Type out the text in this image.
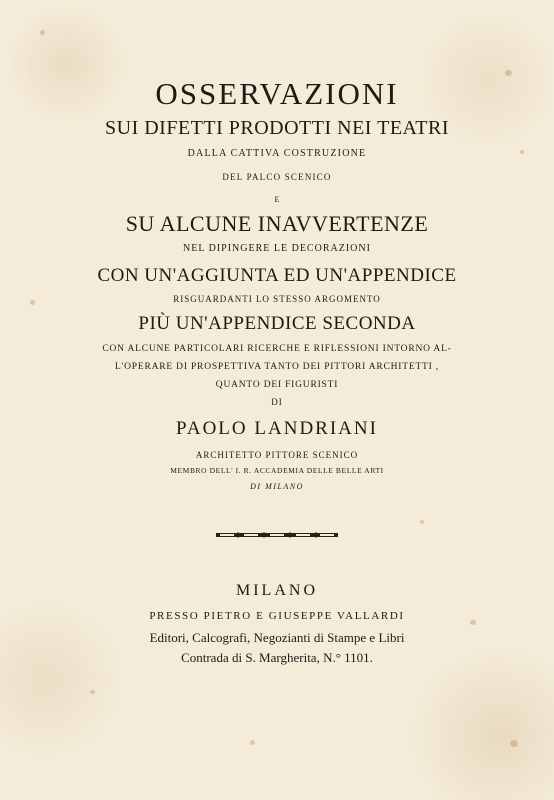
OSSERVAZIONI
SUI DIFETTI PRODOTTI NEI TEATRI
DALLA CATTIVA COSTRUZIONE
DEL PALCO SCENICO
E
SU ALCUNE INAVVERTENZE
NEL DIPINGERE LE DECORAZIONI
CON UN'AGGIUNTA ED UN'APPENDICE
RISGUARDANTI LO STESSO ARGOMENTO
PIÙ UN'APPENDICE SECONDA
CON ALCUNE PARTICOLARI RICERCHE E RIFLESSIONI INTORNO AL-
L'OPERARE DI PROSPETTIVA TANTO DEI PITTORI ARCHITETTI ,
QUANTO DEI FIGURISTI
DI
PAOLO LANDRIANI
ARCHITETTO PITTORE SCENICO
MEMBRO DELL' I. R. ACCADEMIA DELLE BELLE ARTI
DI MILANO
MILANO
PRESSO PIETRO E GIUSEPPE VALLARDI
Editori, Calcografi, Negozianti di Stampe e Libri
Contrada di S. Margherita, N.° 1101.
